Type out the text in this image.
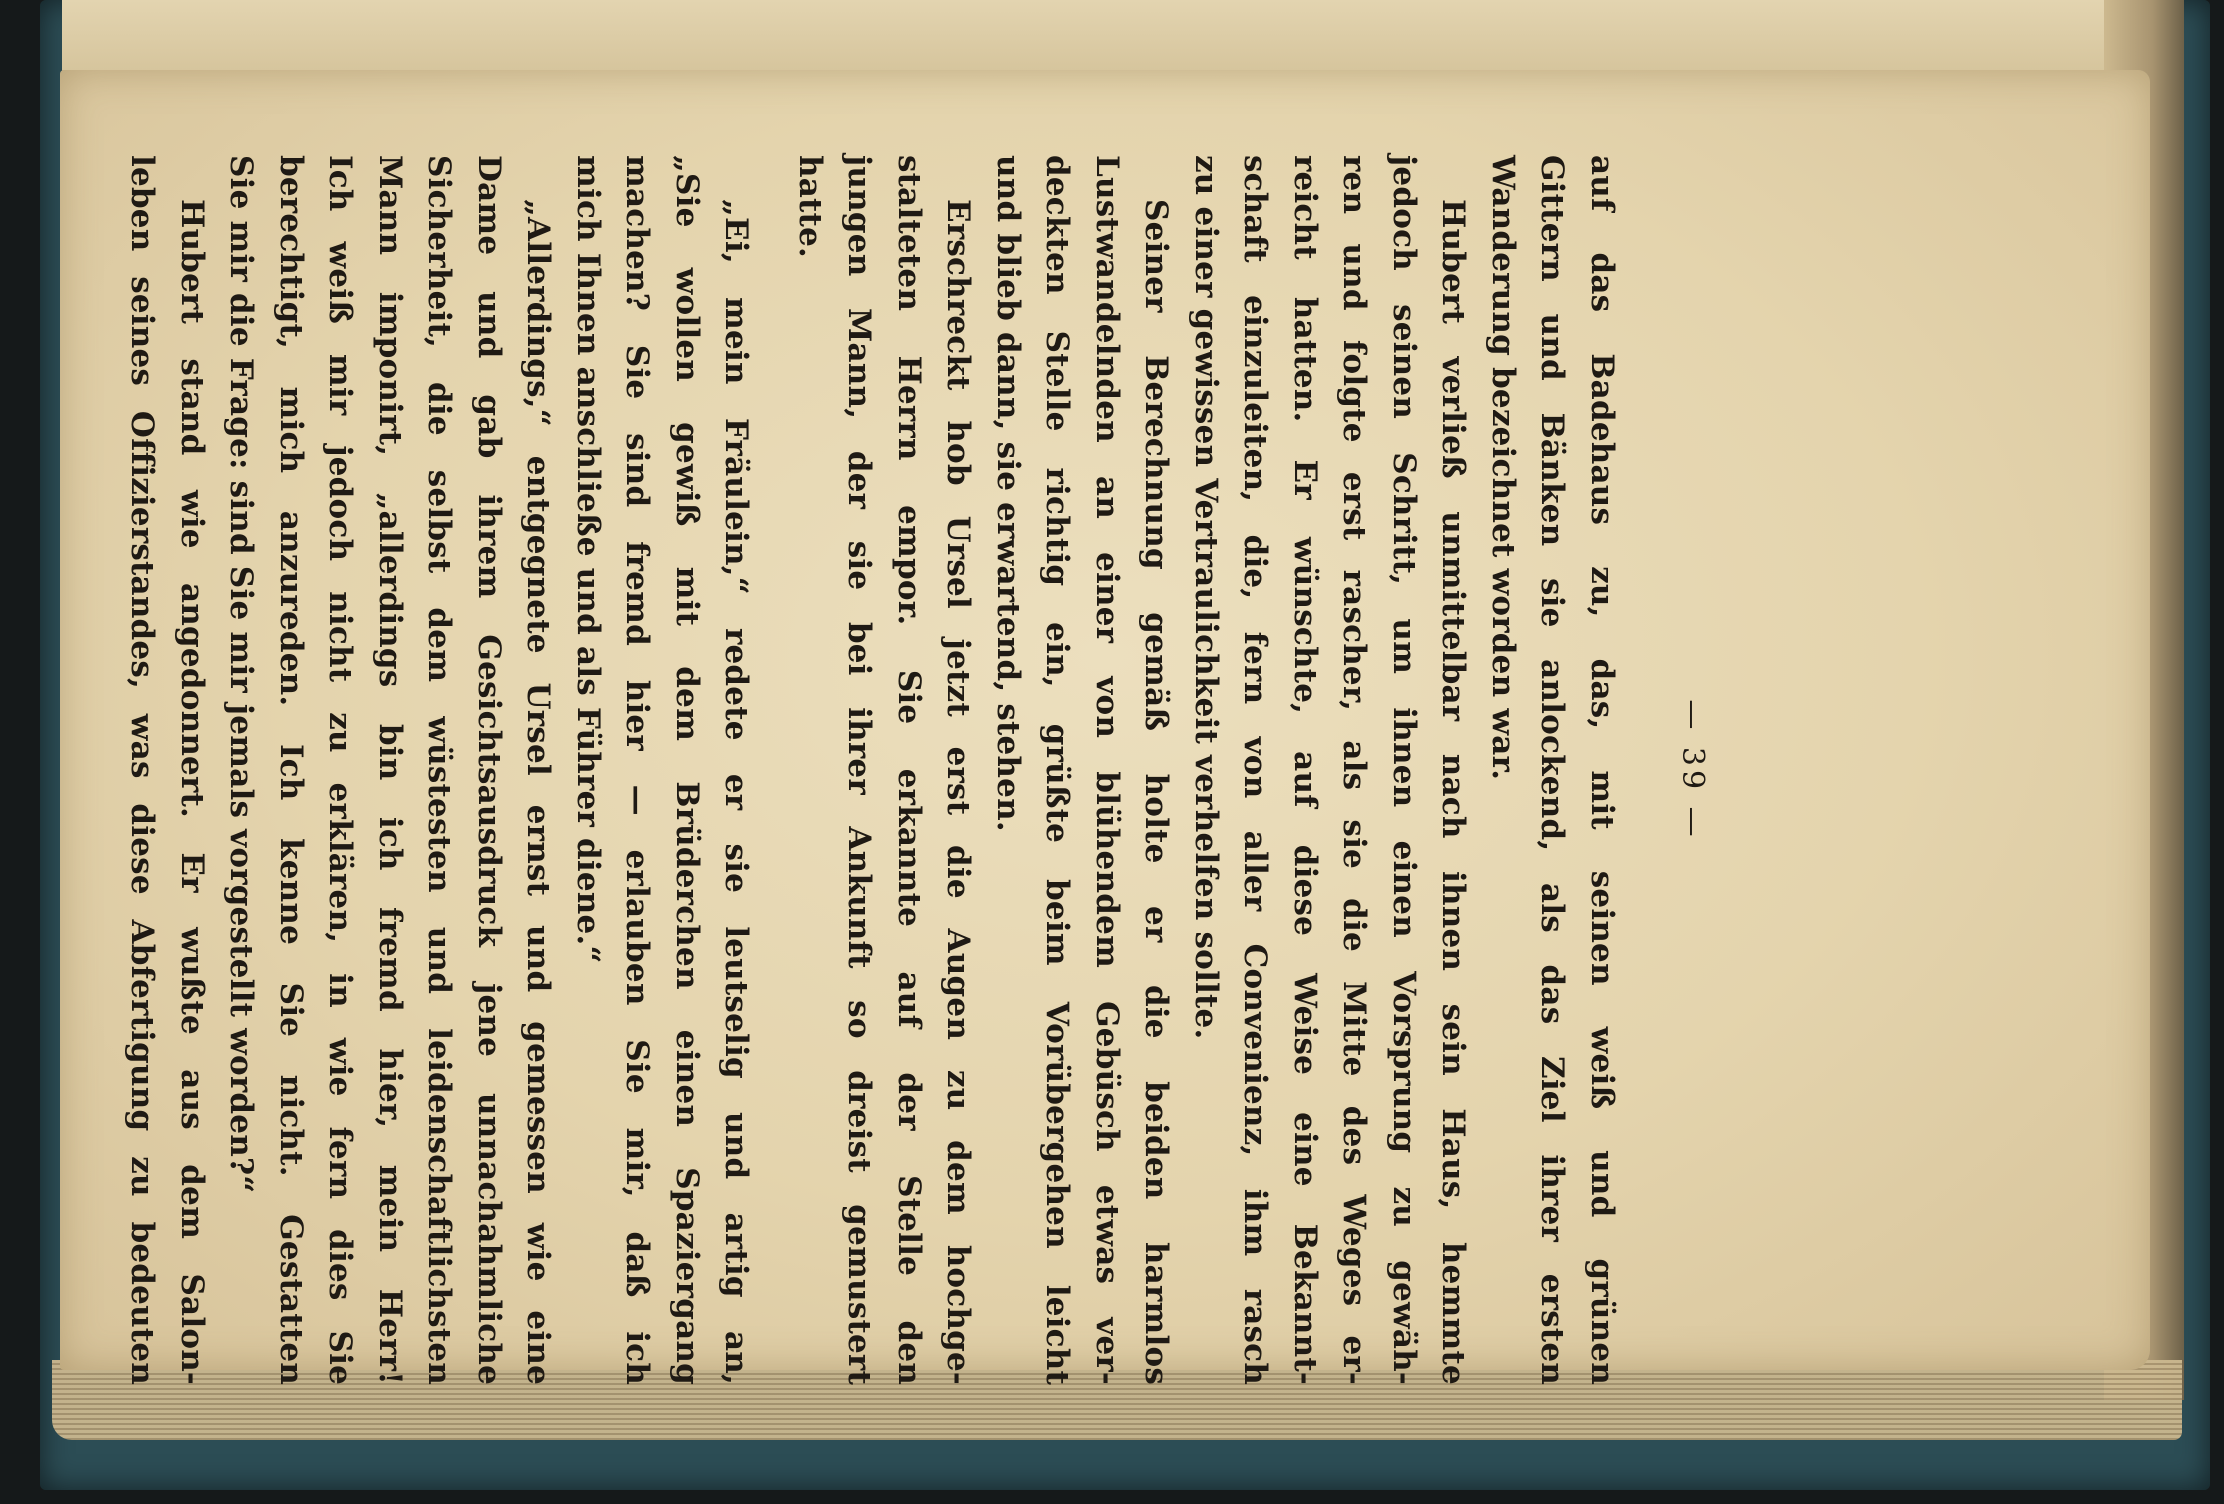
— 39 —
auf das Badehaus zu, das, mit seinen weiß und grünen
Gittern und Bänken sie anlockend, als das Ziel ihrer ersten
Wanderung bezeichnet worden war.
Hubert verließ unmittelbar nach ihnen sein Haus, hemmte
jedoch seinen Schritt, um ihnen einen Vorsprung zu gewäh-
ren und folgte erst rascher, als sie die Mitte des Weges er-
reicht hatten. Er wünschte, auf diese Weise eine Bekannt-
schaft einzuleiten, die, fern von aller Convenienz, ihm rasch
zu einer gewissen Vertraulichkeit verhelfen sollte.
Seiner Berechnung gemäß holte er die beiden harmlos
Lustwandelnden an einer von blühendem Gebüsch etwas ver-
deckten Stelle richtig ein, grüßte beim Vorübergehen leicht
und blieb dann, sie erwartend, stehen.
Erschreckt hob Ursel jetzt erst die Augen zu dem hochge-
stalteten Herrn empor. Sie erkannte auf der Stelle den
jungen Mann, der sie bei ihrer Ankunft so dreist gemustert
hatte.
„Ei, mein Fräulein,“ redete er sie leutselig und artig an,
„Sie wollen gewiß mit dem Brüderchen einen Spaziergang
machen? Sie sind fremd hier — erlauben Sie mir, daß ich
mich Ihnen anschließe und als Führer diene.“
„Allerdings,“ entgegnete Ursel ernst und gemessen wie eine
Dame und gab ihrem Gesichtsausdruck jene unnachahmliche
Sicherheit, die selbst dem wüstesten und leidenschaftlichsten
Mann imponirt, „allerdings bin ich fremd hier, mein Herr!
Ich weiß mir jedoch nicht zu erklären, in wie fern dies Sie
berechtigt, mich anzureden. Ich kenne Sie nicht. Gestatten
Sie mir die Frage: sind Sie mir jemals vorgestellt worden?“
Hubert stand wie angedonnert. Er wußte aus dem Salon-
leben seines Offizierstandes, was diese Abfertigung zu bedeuten
